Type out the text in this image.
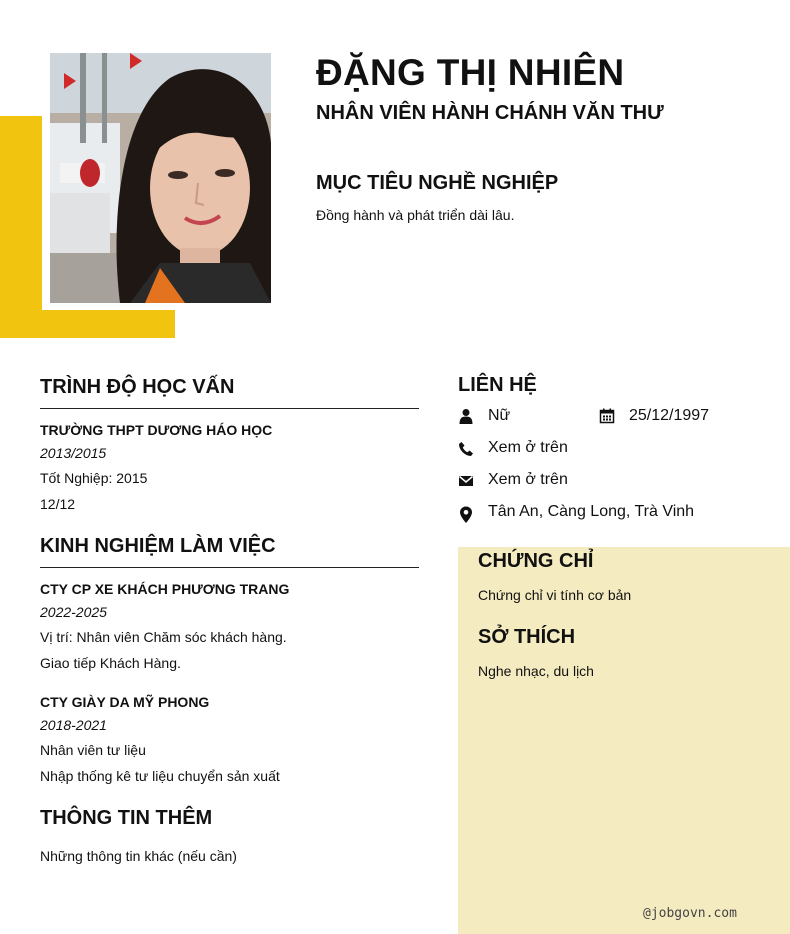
ĐẶNG THỊ NHIÊN
NHÂN VIÊN HÀNH CHÁNH VĂN THƯ
MỤC TIÊU NGHỀ NGHIỆP
Đồng hành và phát triển dài lâu.
TRÌNH ĐỘ HỌC VẤN
TRƯỜNG THPT DƯƠNG HÁO HỌC
2013/2015
Tốt Nghiệp: 2015
12/12
KINH NGHIỆM LÀM VIỆC
CTY CP XE KHÁCH PHƯƠNG TRANG
2022-2025
Vị trí: Nhân viên Chăm sóc khách hàng.
Giao tiếp Khách Hàng.
CTY GIÀY DA MỸ PHONG
2018-2021
Nhân viên tư liệu
Nhập thống kê tư liệu chuyển sản xuất
THÔNG TIN THÊM
Những thông tin khác (nếu cần)
LIÊN HỆ
Nữ	25/12/1997
Xem ở trên
Xem ở trên
Tân An, Càng Long, Trà Vinh
CHỨNG CHỈ
Chứng chỉ vi tính cơ bản
SỞ THÍCH
Nghe nhạc, du lịch
@jobgovn.com
